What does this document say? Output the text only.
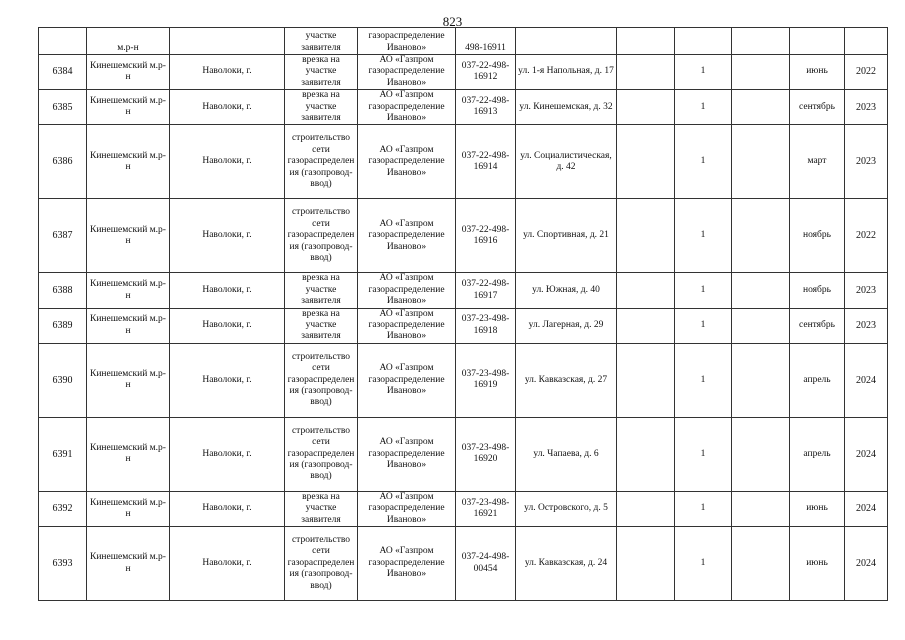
823
	м.р-н		участке заявителя	газораспределение Иваново»	498-16911						
6384	Кинешемский м.р-н	Наволоки, г.	врезка на участке заявителя	АО «Газпром газораспределение Иваново»	037-22-498-16912	ул. 1-я Напольная, д. 17		1		июнь	2022
6385	Кинешемский м.р-н	Наволоки, г.	врезка на участке заявителя	АО «Газпром газораспределение Иваново»	037-22-498-16913	ул. Кинешемская, д. 32		1		сентябрь	2023
6386	Кинешемский м.р-н	Наволоки, г.	строительство сети газораспределения (газопровод-ввод)	АО «Газпром газораспределение Иваново»	037-22-498-16914	ул. Социалистическая, д. 42		1		март	2023
6387	Кинешемский м.р-н	Наволоки, г.	строительство сети газораспределения (газопровод-ввод)	АО «Газпром газораспределение Иваново»	037-22-498-16916	ул. Спортивная, д. 21		1		ноябрь	2022
6388	Кинешемский м.р-н	Наволоки, г.	врезка на участке заявителя	АО «Газпром газораспределение Иваново»	037-22-498-16917	ул. Южная, д. 40		1		ноябрь	2023
6389	Кинешемский м.р-н	Наволоки, г.	врезка на участке заявителя	АО «Газпром газораспределение Иваново»	037-23-498-16918	ул. Лагерная, д. 29		1		сентябрь	2023
6390	Кинешемский м.р-н	Наволоки, г.	строительство сети газораспределения (газопровод-ввод)	АО «Газпром газораспределение Иваново»	037-23-498-16919	ул. Кавказская, д. 27		1		апрель	2024
6391	Кинешемский м.р-н	Наволоки, г.	строительство сети газораспределения (газопровод-ввод)	АО «Газпром газораспределение Иваново»	037-23-498-16920	ул. Чапаева, д. 6		1		апрель	2024
6392	Кинешемский м.р-н	Наволоки, г.	врезка на участке заявителя	АО «Газпром газораспределение Иваново»	037-23-498-16921	ул. Островского, д. 5		1		июнь	2024
6393	Кинешемский м.р-н	Наволоки, г.	строительство сети газораспределения (газопровод-ввод)	АО «Газпром газораспределение Иваново»	037-24-498-00454	ул. Кавказская, д. 24		1		июнь	2024
